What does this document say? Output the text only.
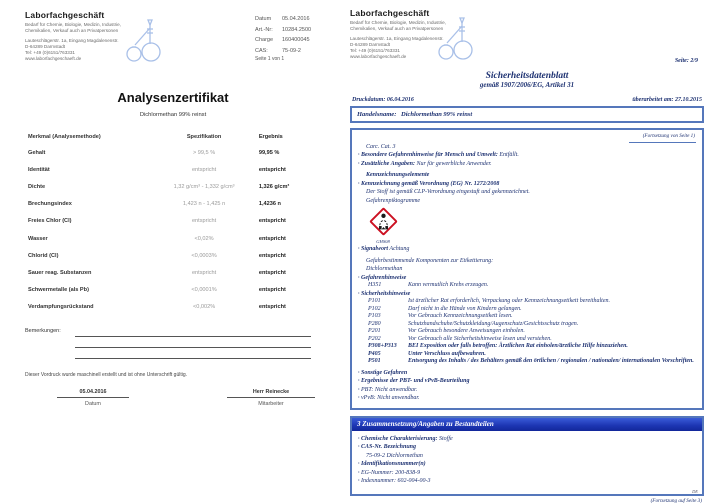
Laborfachgeschäft
Bedarf für Chemie, Biologie, Medizin, Industrie,
Chemikalien, Verkauf auch an Privatpersonen
Lauteschlägerstr. 1a, Eingang Magdalenenstr.
D-64289 Darmstadt
Tel: +49 (0)6151/763331
www.laborfachgeschaeft.de
Datum	05.04.2016
Art.-Nr:	10284.2500
Charge	160400045
CAS:	75-09-2
Seite 1 von 1
Analysenzertifikat
Dichlormethan 99% reinst
Merkmal (Analysemethode)	Spezifikation	Ergebnis
Gehalt	> 99,5 %	99,95 %
Identität	entspricht	entspricht
Dichte	1,32 g/cm³ - 1,332 g/cm³	1,326 g/cm³
Brechungsindex	1,423 n - 1,425 n	1,4236 n
Freies Chlor (Cl)	entspricht	entspricht
Wasser	<0,02%	entspricht
Chlorid (Cl)	<0,0003%	entspricht
Sauer reag. Substanzen	entspricht	entspricht
Schwermetalle (als Pb)	<0,0001%	entspricht
Verdampfungsrückstand	<0,002%	entspricht
Bemerkungen:
Dieser Vordruck wurde maschinell erstellt und ist ohne Unterschrift gültig.
05.04.2016
Datum
Herr Reinecke
Mitarbeiter
Laborfachgeschäft
Bedarf für Chemie, Biologie, Medizin, Industrie,
Chemikalien, Verkauf auch an Privatpersonen
Lauteschlägerstr. 1a, Eingang Magdalenenstr.
D-64289 Darmstadt
Tel: +49 (0)6151/763331
www.laborfachgeschaeft.de
Seite: 2/9
Sicherheitsdatenblatt
gemäß 1907/2006/EG, Artikel 31
Druckdatum: 06.04.2016	überarbeitet am: 27.10.2015
Handelsname: Dichlormethan 99% reinst
(Fortsetzung von Seite 1)
Carc. Cat. 3
· Besondere Gefahrenhinweise für Mensch und Umwelt: Entfällt.
· Zusätzliche Angaben: Nur für gewerbliche Anwender.
Kennzeichnungselemente
· Kennzeichnung gemäß Verordnung (EG) Nr. 1272/2008
Der Stoff ist gemäß CLP-Verordnung eingestuft und gekennzeichnet.
Gefahrenpiktogramme
GHS08
· Signalwort Achtung
Gefahrbestimmende Komponenten zur Etikettierung:
Dichlormethan
· Gefahrenhinweise
H351	Kann vermutlich Krebs erzeugen.
· Sicherheitshinweise
P101	Ist ärztlicher Rat erforderlich, Verpackung oder Kennzeichnungsetikett bereithalten.
P102	Darf nicht in die Hände von Kindern gelangen.
P103	Vor Gebrauch Kennzeichnungsetikett lesen.
P280	Schutzhandschuhe/Schutzkleidung/Augenschutz/Gesichtsschutz tragen.
P201	Vor Gebrauch besondere Anweisungen einholen.
P202	Vor Gebrauch alle Sicherheitshinweise lesen und verstehen.
P308+P313	BEI Exposition oder falls betroffen: Ärztlichen Rat einholen/ärztliche Hilfe hinzuziehen.
P405	Unter Verschluss aufbewahren.
P501	Entsorgung des Inhalts / des Behälters gemäß den örtlichen / regionalen / nationalen/ internationalen Vorschriften.
· Sonstige Gefahren
· Ergebnisse der PBT- und vPvB-Beurteilung
· PBT: Nicht anwendbar.
· vPvB: Nicht anwendbar.
3 Zusammensetzung/Angaben zu Bestandteilen
· Chemische Charakterisierung: Stoffe
· CAS-Nr. Bezeichnung
75-09-2 Dichlormethan
· Identifikationsnummer(n)
· EG-Nummer: 200-838-9
· Indexnummer: 602-004-00-3
DE
(Fortsetzung auf Seite 3)
